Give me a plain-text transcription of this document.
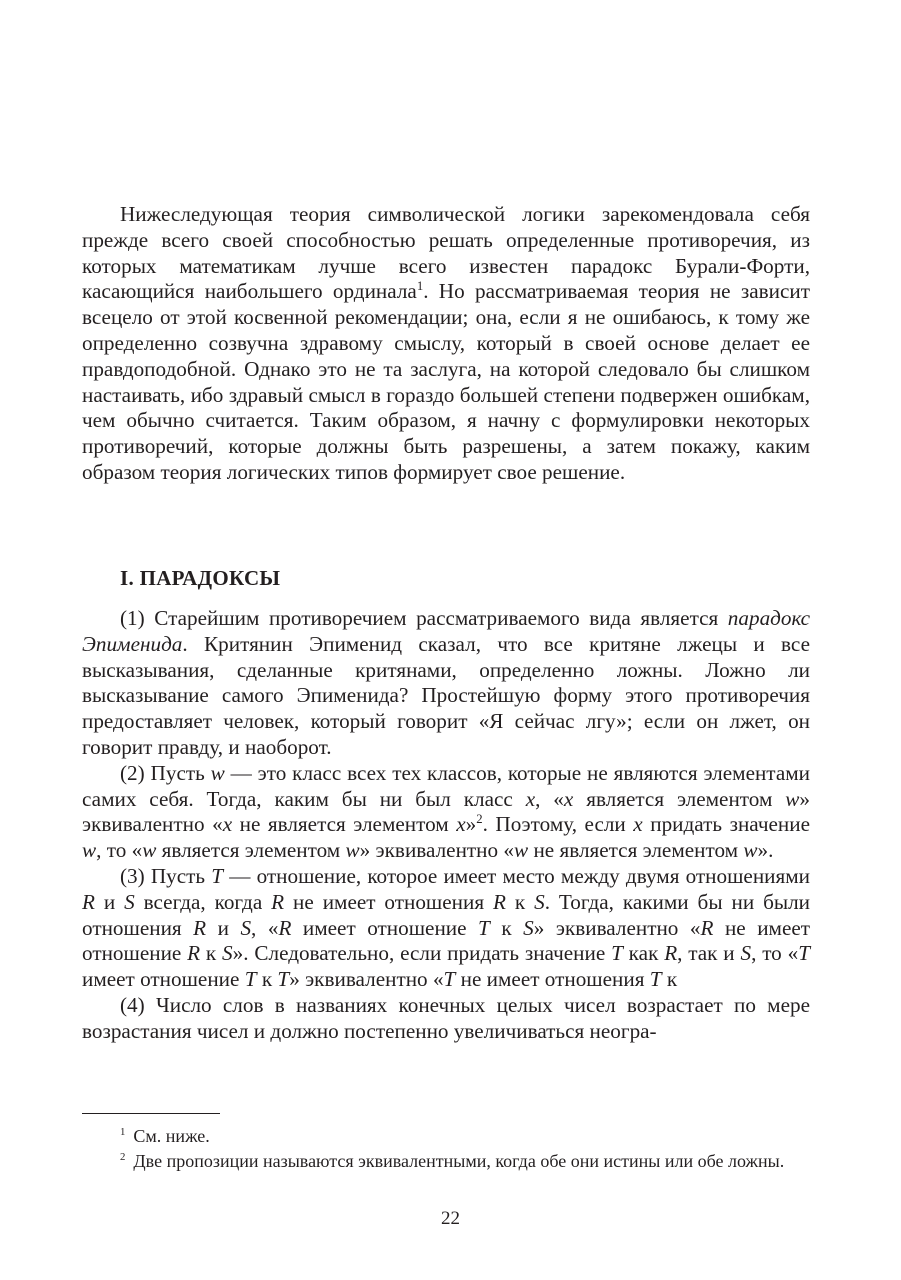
Нижеследующая теория символической логики зарекомендовала себя прежде всего своей способностью решать определенные противоречия, из которых математикам лучше всего известен парадокс Бурали-Форти, касающийся наибольшего ординала$^1$. Но рассматриваемая теория не зависит всецело от этой косвенной рекомендации; она, если я не ошибаюсь, к тому же определенно созвучна здравому смыслу, который в своей основе делает ее правдоподобной. Однако это не та заслуга, на которой следовало бы слишком настаивать, ибо здравый смысл в гораздо большей степени подвержен ошибкам, чем обычно считается. Таким образом, я начну с формулировки некоторых противоречий, которые должны быть разрешены, а затем покажу, каким образом теория логических типов формирует свое решение.

I. ПАРАДОКСЫ

(1) Старейшим противоречием рассматриваемого вида является парадокс Эпименида. Критянин Эпименид сказал, что все критяне лжецы и все высказывания, сделанные критянами, определенно ложны. Ложно ли высказывание самого Эпименида? Простейшую форму этого противоречия предоставляет человек, который говорит «Я сейчас лгу»; если он лжет, он говорит правду, и наоборот.

(2) Пусть w — это класс всех тех классов, которые не являются элементами самих себя. Тогда, каким бы ни был класс x, «x является элементом w» эквивалентно «x не является элементом x»$^2$. Поэтому, если x придать значение w, то «w является элементом w» эквивалентно «w не является элементом w».

(3) Пусть T — отношение, которое имеет место между двумя отношениями R и S всегда, когда R не имеет отношения R к S. Тогда, какими бы ни были отношения R и S, «R имеет отношение T к S» эквивалентно «R не имеет отношение R к S». Следовательно, если придать значение T как R, так и S, то «T имеет отношение T к T» эквивалентно «T не имеет отношения T к

(4) Число слов в названиях конечных целых чисел возрастает по мере возрастания чисел и должно постепенно увеличиваться неогра-

$^1$ См. ниже.

$^2$ Две пропозиции называются эквивалентными, когда обе они истины или обе ложны.

22
